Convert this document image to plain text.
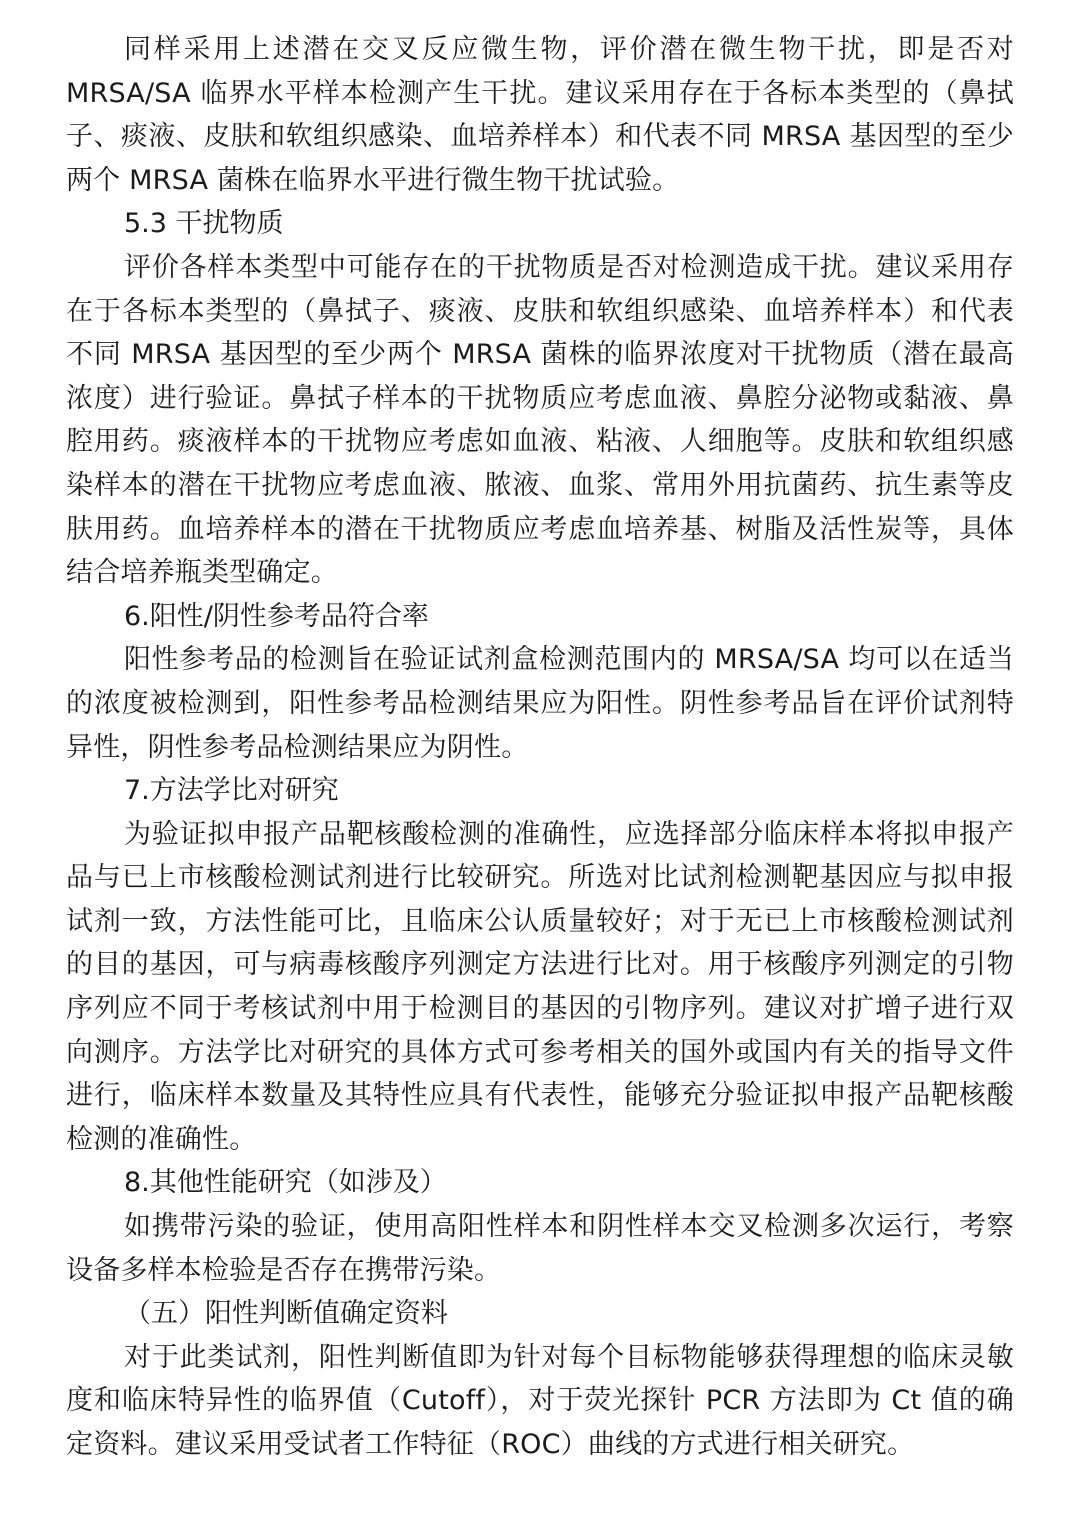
同样采用上述潜在交叉反应微生物，评价潜在微生物干扰，即是否对MRSA/SA 临界水平样本检测产生干扰。建议采用存在于各标本类型的（鼻拭子、痰液、皮肤和软组织感染、血培养样本）和代表不同 MRSA 基因型的至少两个 MRSA 菌株在临界水平进行微生物干扰试验。

5.3 干扰物质

评价各样本类型中可能存在的干扰物质是否对检测造成干扰。建议采用存在于各标本类型的（鼻拭子、痰液、皮肤和软组织感染、血培养样本）和代表不同 MRSA 基因型的至少两个 MRSA 菌株的临界浓度对干扰物质（潜在最高浓度）进行验证。鼻拭子样本的干扰物质应考虑血液、鼻腔分泌物或黏液、鼻腔用药。痰液样本的干扰物应考虑如血液、粘液、人细胞等。皮肤和软组织感染样本的潜在干扰物应考虑血液、脓液、血浆、常用外用抗菌药、抗生素等皮肤用药。血培养样本的潜在干扰物质应考虑血培养基、树脂及活性炭等，具体结合培养瓶类型确定。

6.阳性/阴性参考品符合率

阳性参考品的检测旨在验证试剂盒检测范围内的 MRSA/SA 均可以在适当的浓度被检测到，阳性参考品检测结果应为阳性。阴性参考品旨在评价试剂特异性，阴性参考品检测结果应为阴性。

7.方法学比对研究

为验证拟申报产品靶核酸检测的准确性，应选择部分临床样本将拟申报产品与已上市核酸检测试剂进行比较研究。所选对比试剂检测靶基因应与拟申报试剂一致，方法性能可比，且临床公认质量较好；对于无已上市核酸检测试剂的目的基因，可与病毒核酸序列测定方法进行比对。用于核酸序列测定的引物序列应不同于考核试剂中用于检测目的基因的引物序列。建议对扩增子进行双向测序。方法学比对研究的具体方式可参考相关的国外或国内有关的指导文件进行，临床样本数量及其特性应具有代表性，能够充分验证拟申报产品靶核酸检测的准确性。

8.其他性能研究（如涉及）

如携带污染的验证，使用高阳性样本和阴性样本交叉检测多次运行，考察设备多样本检验是否存在携带污染。

（五）阳性判断值确定资料

对于此类试剂，阳性判断值即为针对每个目标物能够获得理想的临床灵敏度和临床特异性的临界值（Cutoff），对于荧光探针 PCR 方法即为 Ct 值的确定资料。建议采用受试者工作特征（ROC）曲线的方式进行相关研究。
